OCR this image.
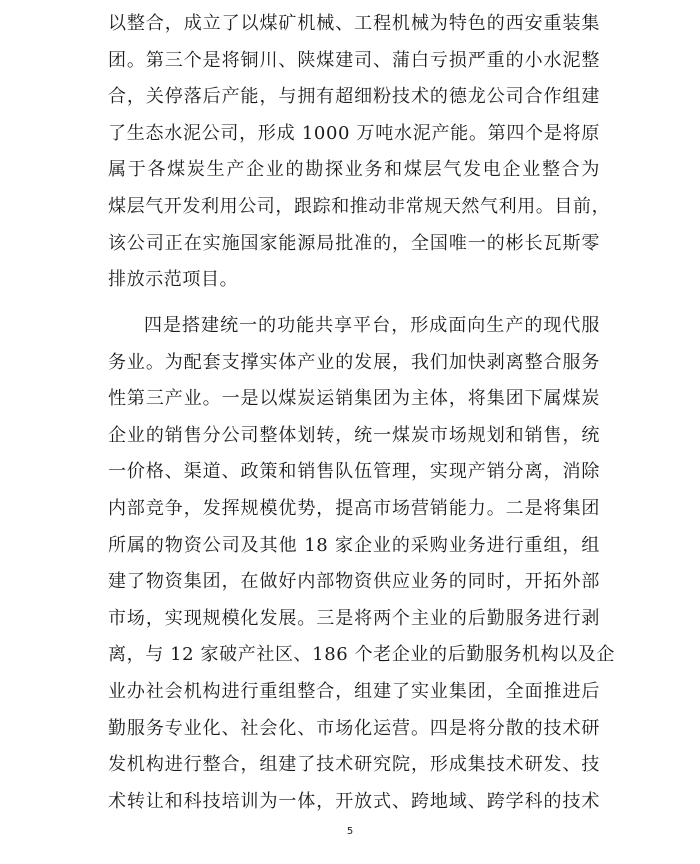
以整合，成立了以煤矿机械、工程机械为特色的西安重装集
团。第三个是将铜川、陕煤建司、蒲白亏损严重的小水泥整
合，关停落后产能，与拥有超细粉技术的德龙公司合作组建
了生态水泥公司，形成 1000 万吨水泥产能。第四个是将原
属于各煤炭生产企业的勘探业务和煤层气发电企业整合为
煤层气开发利用公司，跟踪和推动非常规天然气利用。目前，
该公司正在实施国家能源局批准的，全国唯一的彬长瓦斯零
排放示范项目。
四是搭建统一的功能共享平台，形成面向生产的现代服
务业。为配套支撑实体产业的发展，我们加快剥离整合服务
性第三产业。一是以煤炭运销集团为主体，将集团下属煤炭
企业的销售分公司整体划转，统一煤炭市场规划和销售，统
一价格、渠道、政策和销售队伍管理，实现产销分离，消除
内部竞争，发挥规模优势，提高市场营销能力。二是将集团
所属的物资公司及其他 18 家企业的采购业务进行重组，组
建了物资集团，在做好内部物资供应业务的同时，开拓外部
市场，实现规模化发展。三是将两个主业的后勤服务进行剥
离，与 12 家破产社区、186 个老企业的后勤服务机构以及企
业办社会机构进行重组整合，组建了实业集团，全面推进后
勤服务专业化、社会化、市场化运营。四是将分散的技术研
发机构进行整合，组建了技术研究院，形成集技术研发、技
术转让和科技培训为一体，开放式、跨地域、跨学科的技术
5
